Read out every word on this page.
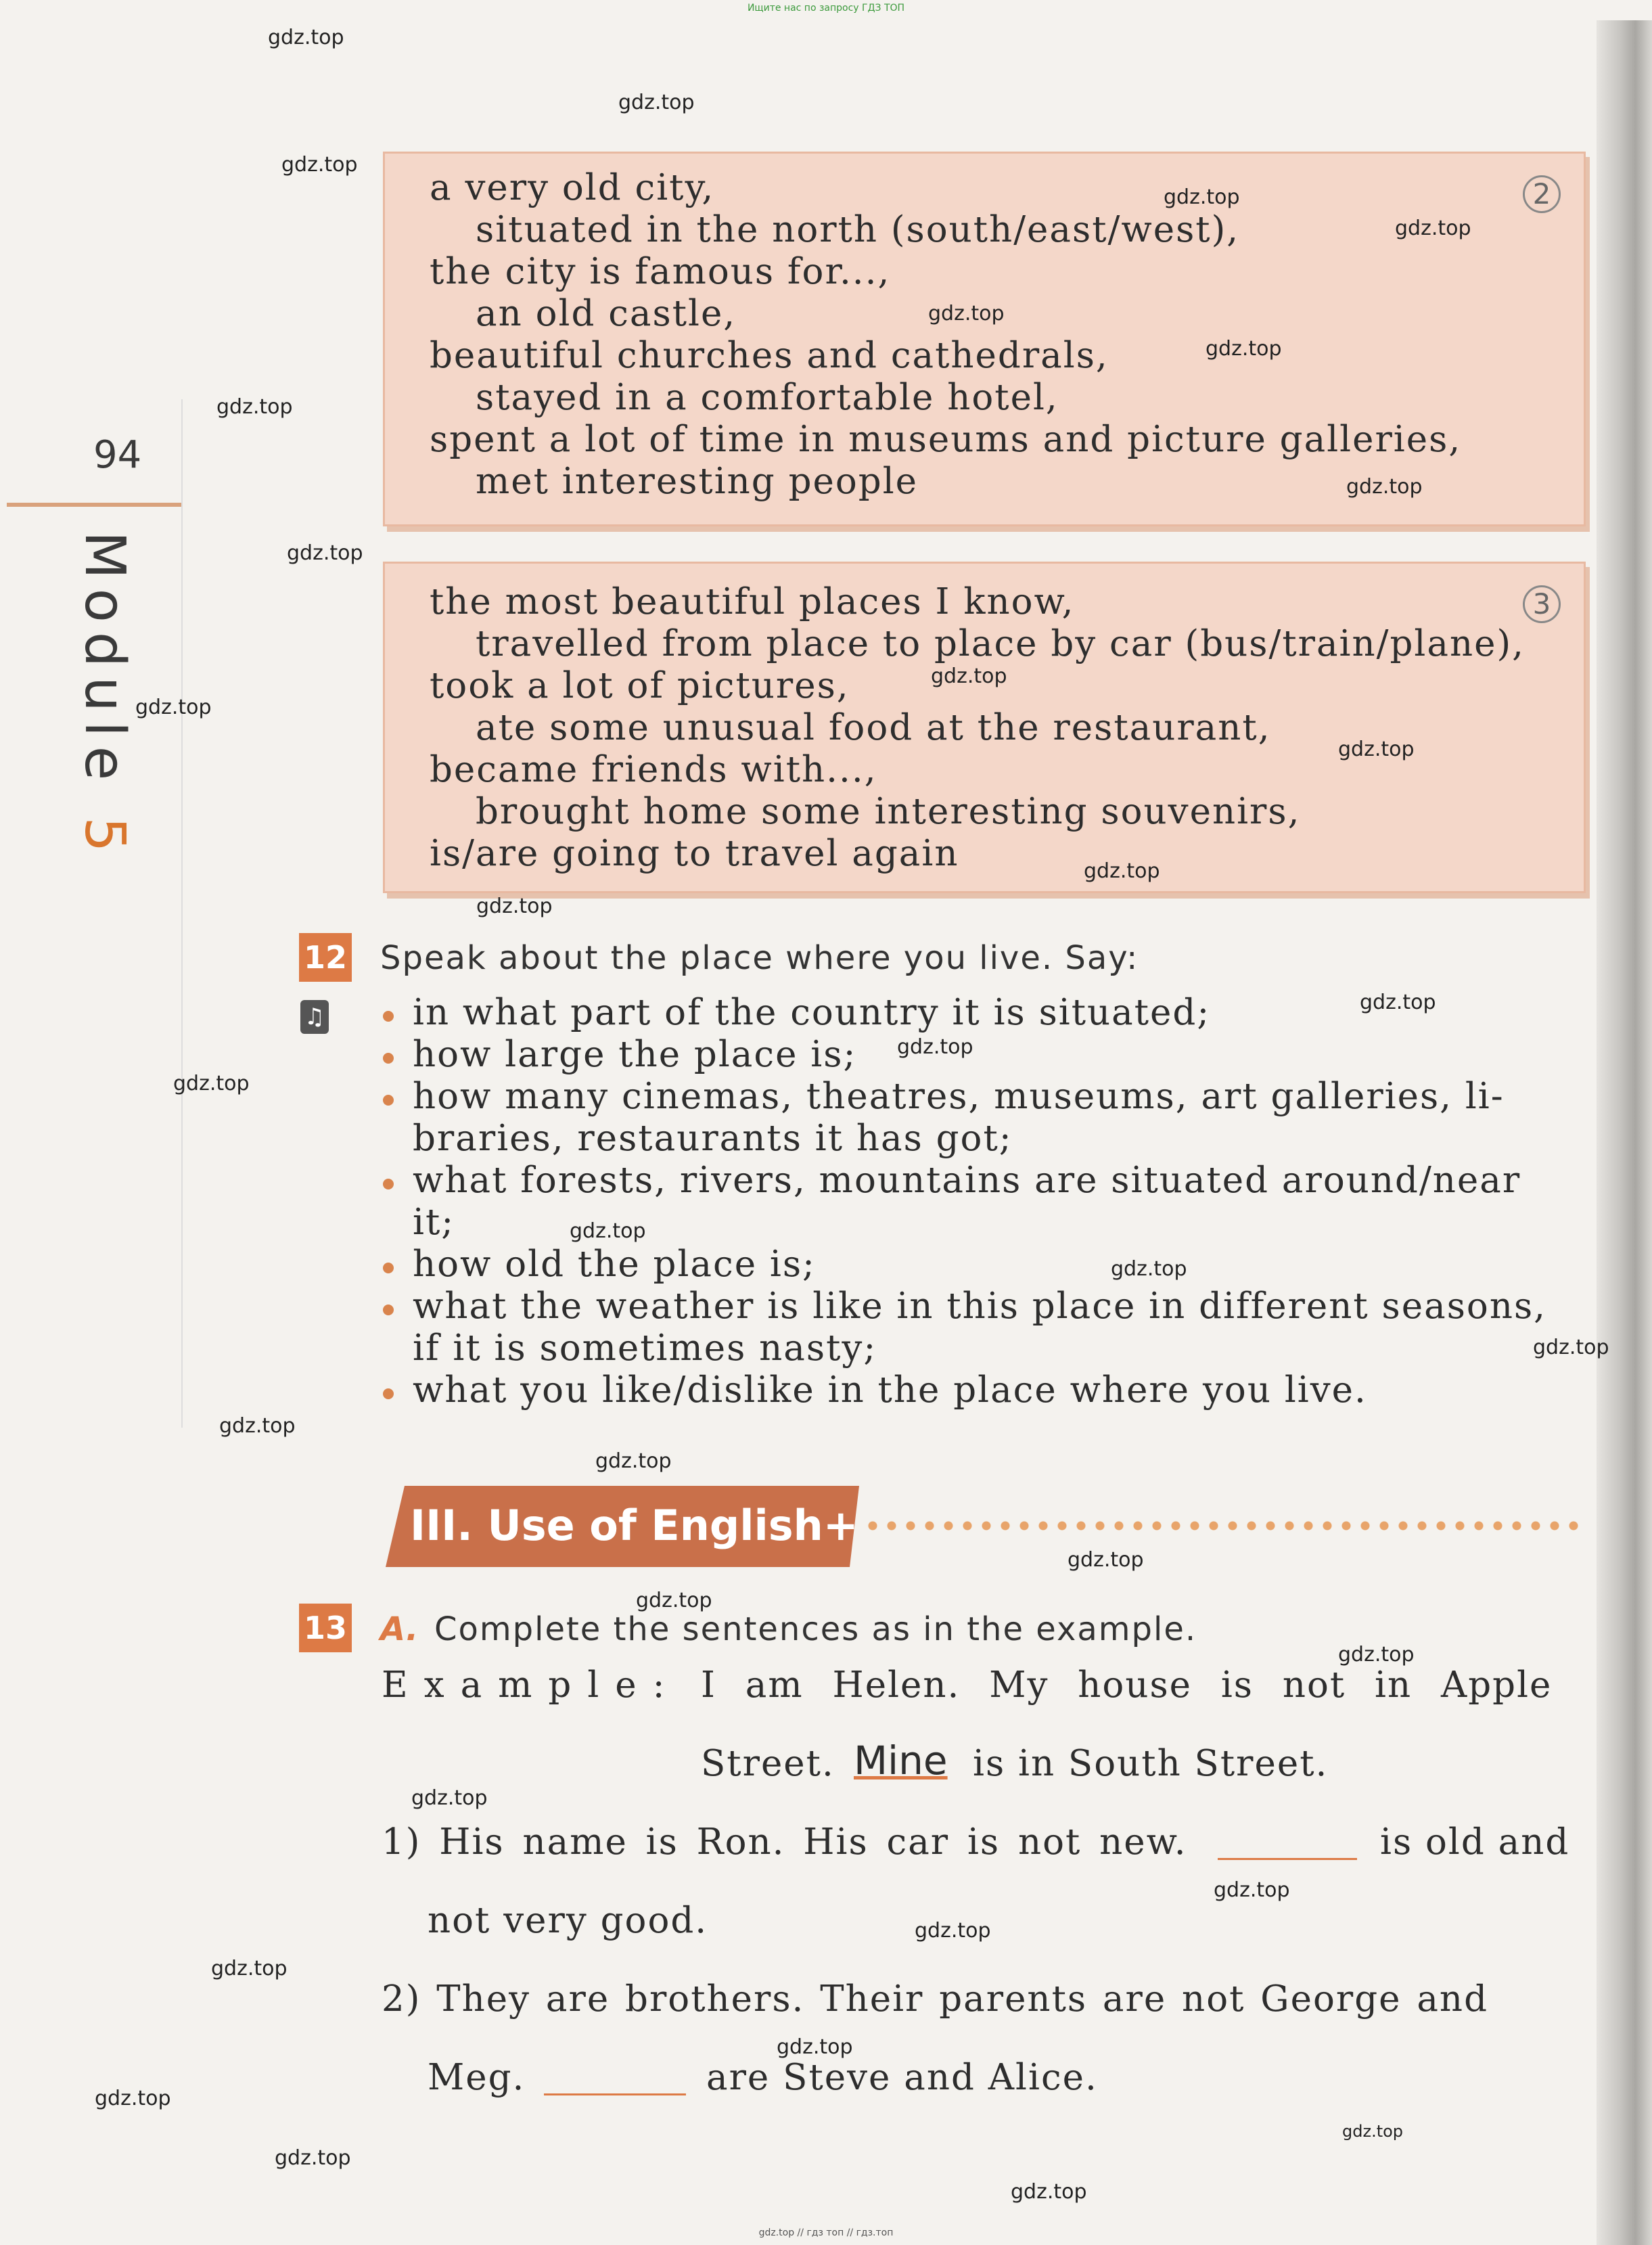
Ищите нас по запросу ГДЗ ТОП
94
Module 5
2
a very old city,
situated in the north (south/east/west),
the city is famous for...,
an old castle,
beautiful churches and cathedrals,
stayed in a comfortable hotel,
spent a lot of time in museums and picture galleries,
met interesting people
3
the most beautiful places I know,
travelled from place to place by car (bus/train/plane),
took a lot of pictures,
ate some unusual food at the restaurant,
became friends with...,
brought home some interesting souvenirs,
is/are going to travel again
12
♫
Speak about the place where you live. Say:
in what part of the country it is situated;
how large the place is;
how many cinemas, theatres, museums, art galleries, li-
braries, restaurants it has got;
what forests, rivers, mountains are situated around/near
it;
how old the place is;
what the weather is like in this place in different seasons,
if it is sometimes nasty;
what you like/dislike in the place where you live.
III. Use of English+
13 A. Complete the sentences as in the example.
Example: I am Helen. My house is not in Apple
Street. Mine is in South Street.
1) His name is Ron. His car is not new.	is old and
not very good.
2) They are brothers. Their parents are not George and
Meg.	are Steve and Alice.
gdz.top
gdz.top
gdz.top
gdz.top
gdz.top
gdz.top
gdz.top
gdz.top
gdz.top
gdz.top
gdz.top
gdz.top
gdz.top
gdz.top
gdz.top
gdz.top
gdz.top
gdz.top
gdz.top
gdz.top
gdz.top
gdz.top
gdz.top
gdz.top
gdz.top
gdz.top
gdz.top
gdz.top
gdz.top
gdz.top
gdz.top
gdz.top
gdz.top
gdz.top
gdz.top
gdz.top // гдз топ // гдз.топ
